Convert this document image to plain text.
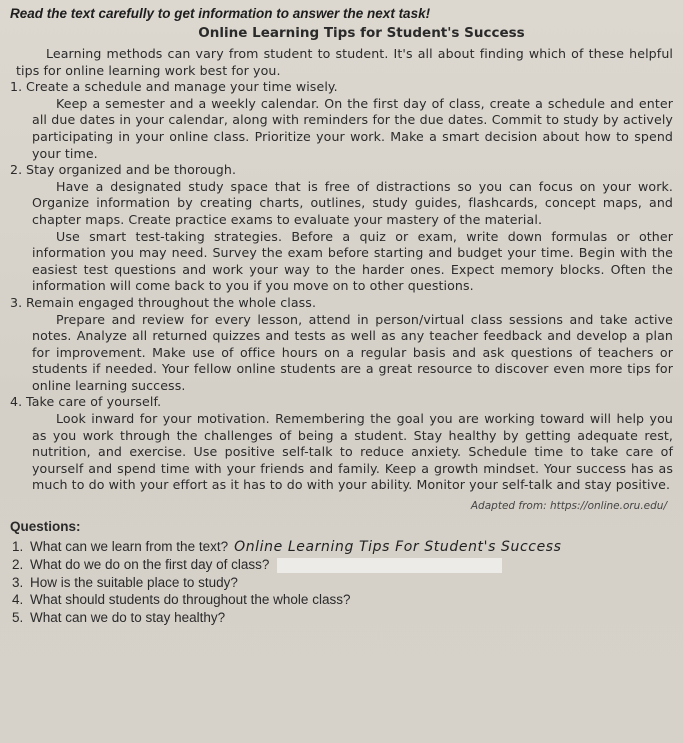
Read the text carefully to get information to answer the next task!

Online Learning Tips for Student's Success

Learning methods can vary from student to student. It's all about finding which of these helpful tips for online learning work best for you.

1. Create a schedule and manage your time wisely.

Keep a semester and a weekly calendar. On the first day of class, create a schedule and enter all due dates in your calendar, along with reminders for the due dates. Commit to study by actively participating in your online class. Prioritize your work. Make a smart decision about how to spend your time.

2. Stay organized and be thorough.

Have a designated study space that is free of distractions so you can focus on your work. Organize information by creating charts, outlines, study guides, flashcards, concept maps, and chapter maps. Create practice exams to evaluate your mastery of the material.

Use smart test-taking strategies. Before a quiz or exam, write down formulas or other information you may need. Survey the exam before starting and budget your time. Begin with the easiest test questions and work your way to the harder ones. Expect memory blocks. Often the information will come back to you if you move on to other questions.

3. Remain engaged throughout the whole class.

Prepare and review for every lesson, attend in person/virtual class sessions and take active notes. Analyze all returned quizzes and tests as well as any teacher feedback and develop a plan for improvement. Make use of office hours on a regular basis and ask questions of teachers or students if needed. Your fellow online students are a great resource to discover even more tips for online learning success.

4. Take care of yourself.

Look inward for your motivation. Remembering the goal you are working toward will help you as you work through the challenges of being a student. Stay healthy by getting adequate rest, nutrition, and exercise. Use positive self-talk to reduce anxiety. Schedule time to take care of yourself and spend time with your friends and family. Keep a growth mindset. Your success has as much to do with your effort as it has to do with your ability. Monitor your self-talk and stay positive.

Adapted from: https://online.oru.edu/

Questions:

1. What can we learn from the text? Online Learning Tips For Student's Success

2. What do we do on the first day of class?

3. How is the suitable place to study?

4. What should students do throughout the whole class?

5. What can we do to stay healthy?
